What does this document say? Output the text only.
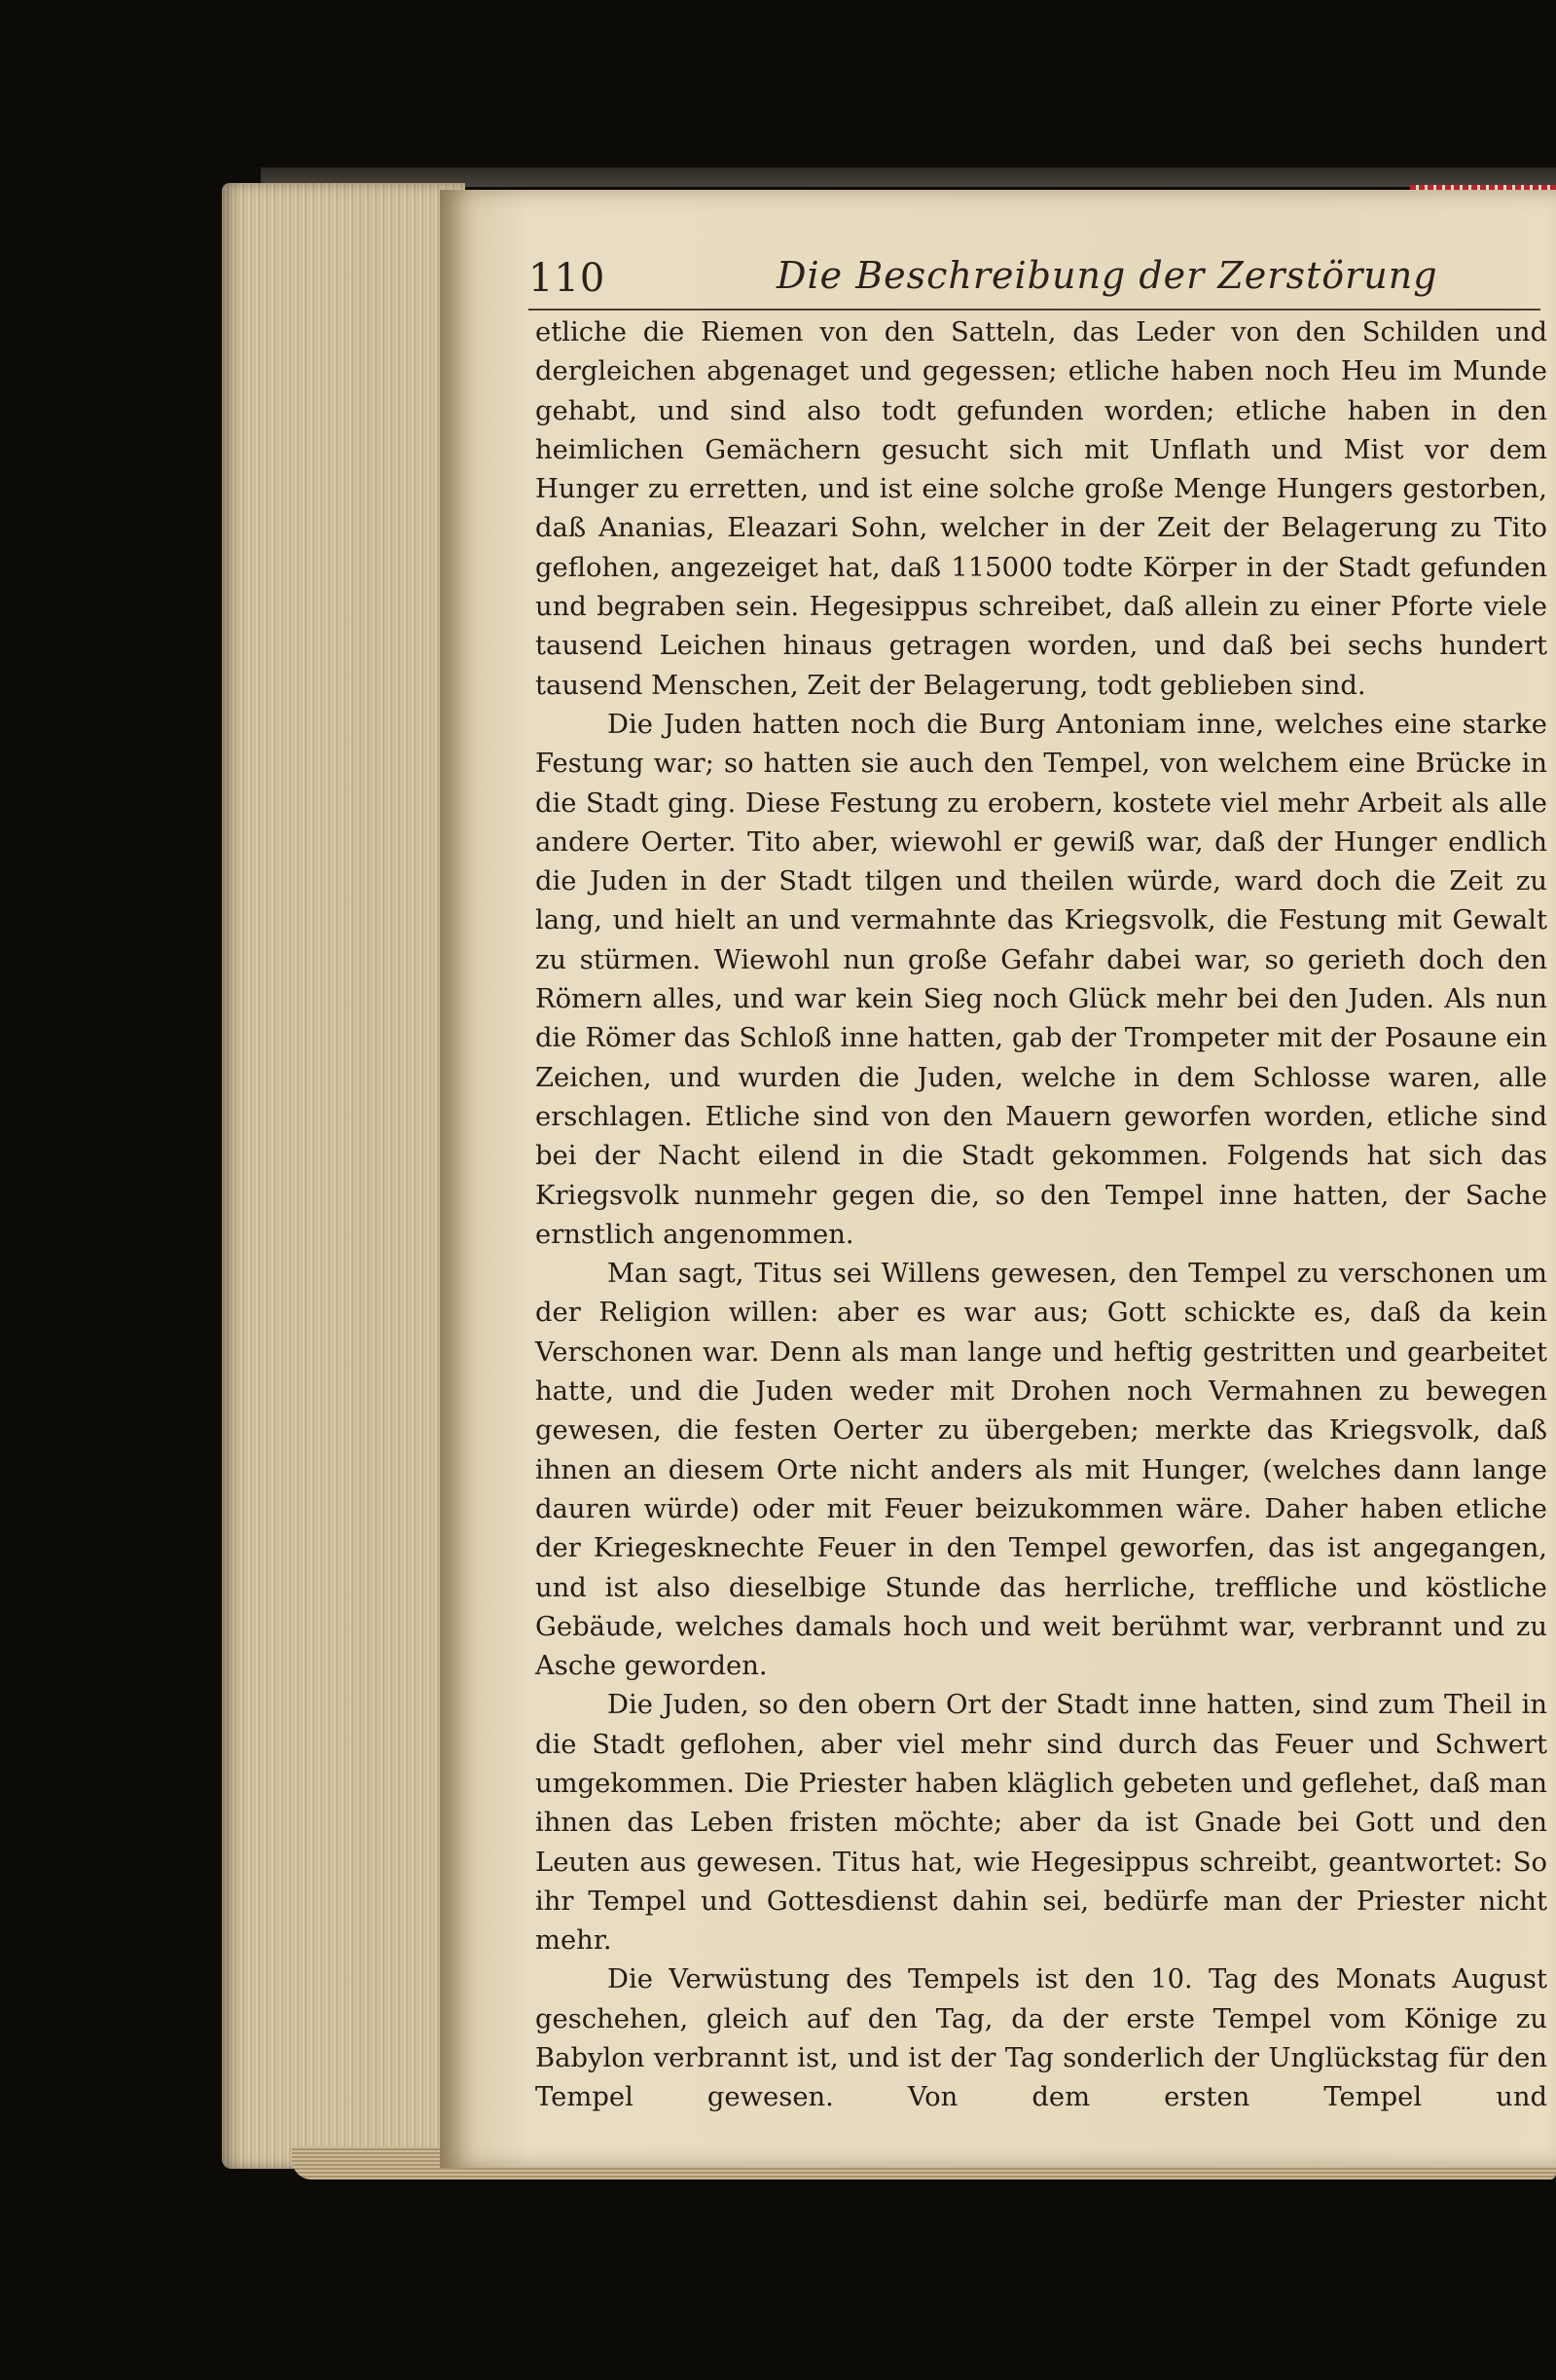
110	Die Beschreibung der Zerstörung

etliche die Riemen von den Satteln, das Leder von den Schilden und dergleichen abgenaget und gegessen; etliche haben noch Heu im Munde gehabt, und sind also todt gefunden worden; etliche haben in den heimlichen Gemächern gesucht sich mit Unflath und Mist vor dem Hunger zu erretten, und ist eine solche große Menge Hungers gestorben, daß Ananias, Eleazari Sohn, welcher in der Zeit der Belagerung zu Tito geflohen, angezeiget hat, daß 115000 todte Körper in der Stadt gefunden und begraben sein. Hegesippus schreibet, daß allein zu einer Pforte viele tausend Leichen hinaus getragen worden, und daß bei sechs hundert tausend Menschen, Zeit der Belagerung, todt geblieben sind.

Die Juden hatten noch die Burg Antoniam inne, welches eine starke Festung war; so hatten sie auch den Tempel, von welchem eine Brücke in die Stadt ging. Diese Festung zu erobern, kostete viel mehr Arbeit als alle andere Oerter. Tito aber, wiewohl er gewiß war, daß der Hunger endlich die Juden in der Stadt tilgen und theilen würde, ward doch die Zeit zu lang, und hielt an und vermahnte das Kriegsvolk, die Festung mit Gewalt zu stürmen. Wiewohl nun große Gefahr dabei war, so gerieth doch den Römern alles, und war kein Sieg noch Glück mehr bei den Juden. Als nun die Römer das Schloß inne hatten, gab der Trompeter mit der Posaune ein Zeichen, und wurden die Juden, welche in dem Schlosse waren, alle erschlagen. Etliche sind von den Mauern geworfen worden, etliche sind bei der Nacht eilend in die Stadt gekommen. Folgends hat sich das Kriegsvolk nunmehr gegen die, so den Tempel inne hatten, der Sache ernstlich angenommen.

Man sagt, Titus sei Willens gewesen, den Tempel zu verschonen um der Religion willen: aber es war aus; Gott schickte es, daß da kein Verschonen war. Denn als man lange und heftig gestritten und gearbeitet hatte, und die Juden weder mit Drohen noch Vermahnen zu bewegen gewesen, die festen Oerter zu übergeben; merkte das Kriegsvolk, daß ihnen an diesem Orte nicht anders als mit Hunger, (welches dann lange dauren würde) oder mit Feuer beizukommen wäre. Daher haben etliche der Kriegesknechte Feuer in den Tempel geworfen, das ist angegangen, und ist also dieselbige Stunde das herrliche, treffliche und köstliche Gebäude, welches damals hoch und weit berühmt war, verbrannt und zu Asche geworden.

Die Juden, so den obern Ort der Stadt inne hatten, sind zum Theil in die Stadt geflohen, aber viel mehr sind durch das Feuer und Schwert umgekommen. Die Priester haben kläglich gebeten und geflehet, daß man ihnen das Leben fristen möchte; aber da ist Gnade bei Gott und den Leuten aus gewesen. Titus hat, wie Hegesippus schreibt, geantwortet: So ihr Tempel und Gottesdienst dahin sei, bedürfe man der Priester nicht mehr.

Die Verwüstung des Tempels ist den 10. Tag des Monats August geschehen, gleich auf den Tag, da der erste Tempel vom Könige zu Babylon verbrannt ist, und ist der Tag sonderlich der Unglückstag für den Tempel gewesen. Von dem ersten Tempel und
